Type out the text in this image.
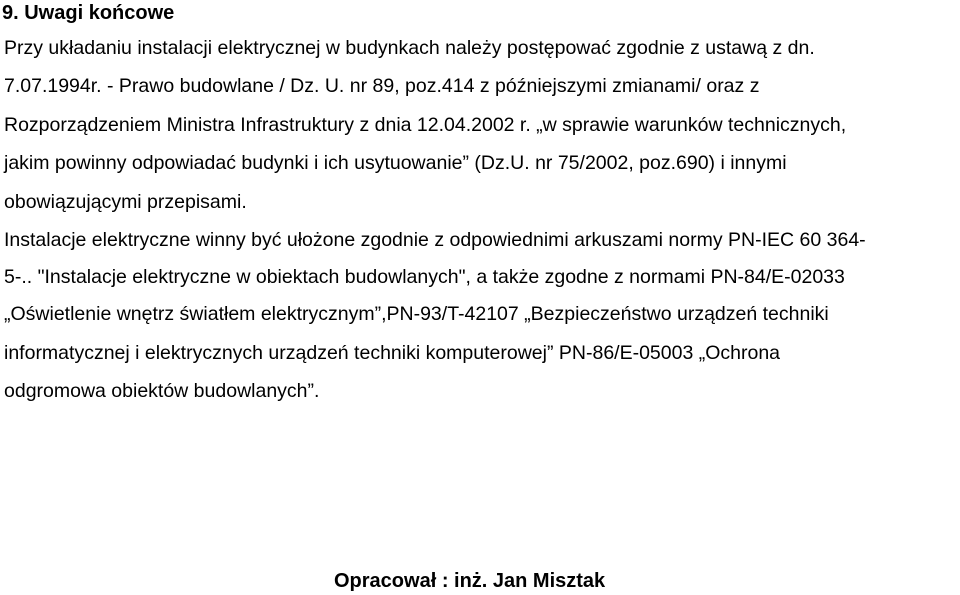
9. Uwagi końcowe

Przy układaniu instalacji elektrycznej w budynkach należy postępować zgodnie z ustawą z dn.

7.07.1994r. - Prawo budowlane / Dz. U. nr 89, poz.414 z późniejszymi zmianami/ oraz z

Rozporządzeniem Ministra Infrastruktury z dnia 12.04.2002 r. „w sprawie warunków technicznych,

jakim powinny odpowiadać budynki i ich usytuowanie” (Dz.U. nr 75/2002, poz.690) i innymi

obowiązującymi przepisami.

Instalacje elektryczne winny być ułożone zgodnie z odpowiednimi arkuszami normy PN-IEC 60 364-

5-.. "Instalacje elektryczne w obiektach budowlanych", a także zgodne z normami PN-84/E-02033

„Oświetlenie wnętrz światłem elektrycznym”,PN-93/T-42107 „Bezpieczeństwo urządzeń techniki

informatycznej i elektrycznych urządzeń techniki komputerowej” PN-86/E-05003 „Ochrona

odgromowa obiektów budowlanych”.

Opracował : inż. Jan Misztak
